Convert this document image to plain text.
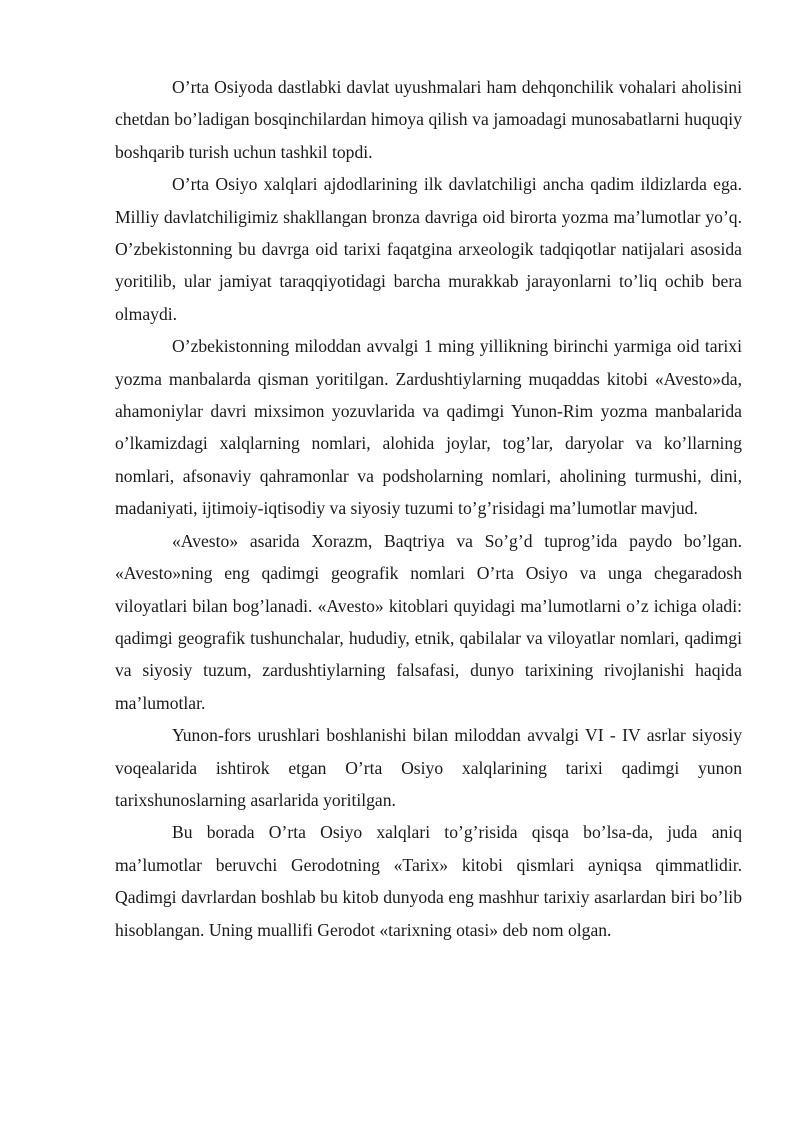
O’rta Osiyoda dastlabki davlat uyushmalari ham dehqonchilik vohalari aholisini chetdan bo’ladigan bosqinchilardan himoya qilish va jamoadagi munosabatlarni huquqiy boshqarib turish uchun tashkil topdi.

O’rta Osiyo xalqlari ajdodlarining ilk davlatchiligi ancha qadim ildizlarda ega. Milliy davlatchiligimiz shakllangan bronza davriga oid birorta yozma ma’lumotlar yo’q. O’zbekistonning bu davrga oid tarixi faqatgina arxeologik tadqiqotlar natijalari asosida yoritilib, ular jamiyat taraqqiyotidagi barcha murakkab jarayonlarni to’liq ochib bera olmaydi.

O’zbekistonning miloddan avvalgi 1 ming yillikning birinchi yarmiga oid tarixi yozma manbalarda qisman yoritilgan. Zardushtiylarning muqaddas kitobi «Avesto»da, ahamoniylar davri mixsimon yozuvlarida va qadimgi Yunon-Rim yozma manbalarida o’lkamizdagi xalqlarning nomlari, alohida joylar, tog’lar, daryolar va ko’llarning nomlari, afsonaviy qahramonlar va podsholarning nomlari, aholining turmushi, dini, madaniyati, ijtimoiy-iqtisodiy va siyosiy tuzumi to’g’risidagi ma’lumotlar mavjud.

«Avesto» asarida Xorazm, Baqtriya va So’g’d tuprog’ida paydo bo’lgan. «Avesto»ning eng qadimgi geografik nomlari O’rta Osiyo va unga chegaradosh viloyatlari bilan bog’lanadi. «Avesto» kitoblari quyidagi ma’lumotlarni o’z ichiga oladi: qadimgi geografik tushunchalar, hududiy, etnik, qabilalar va viloyatlar nomlari, qadimgi va siyosiy tuzum, zardushtiylarning falsafasi, dunyo tarixining rivojlanishi haqida ma’lumotlar.

Yunon-fors urushlari boshlanishi bilan miloddan avvalgi VI - IV asrlar siyosiy voqealarida ishtirok etgan O’rta Osiyo xalqlarining tarixi qadimgi yunon tarixshunoslarning asarlarida yoritilgan.

Bu borada O’rta Osiyo xalqlari to’g’risida qisqa bo’lsa-da, juda aniq ma’lumotlar beruvchi Gerodotning «Tarix» kitobi qismlari ayniqsa qimmatlidir. Qadimgi davrlardan boshlab bu kitob dunyoda eng mashhur tarixiy asarlardan biri bo’lib hisoblangan. Uning muallifi Gerodot «tarixning otasi» deb nom olgan.
